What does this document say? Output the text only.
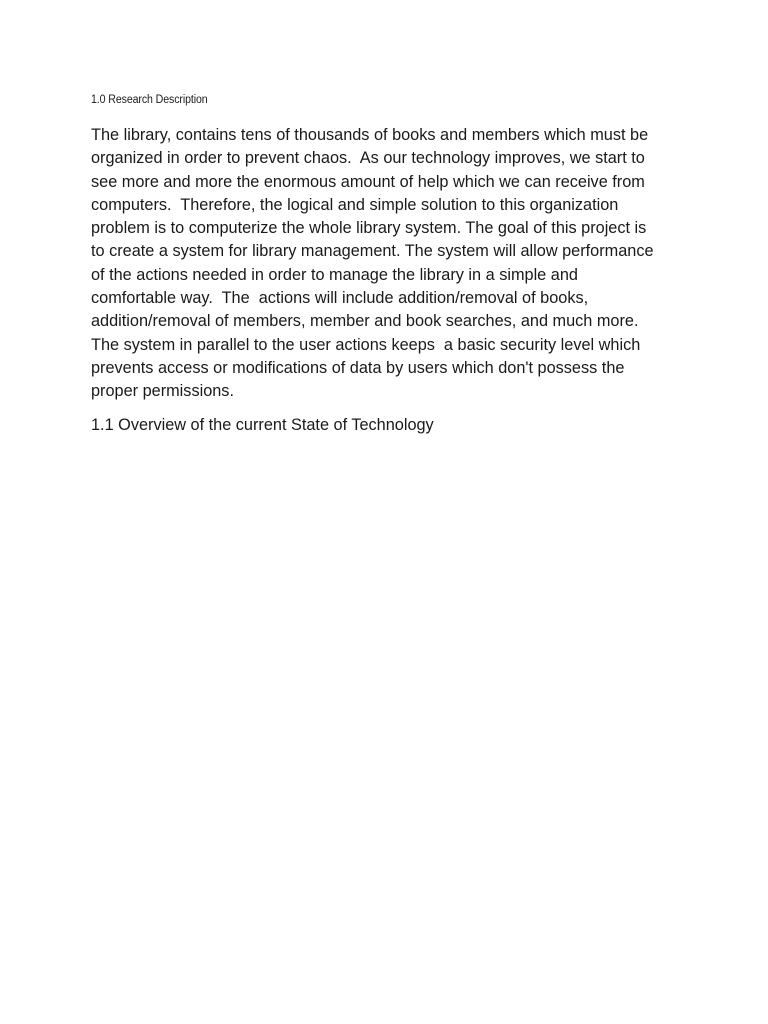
1.0 Research Description

The library, contains tens of thousands of books and members which must be
organized in order to prevent chaos.  As our technology improves, we start to
see more and more the enormous amount of help which we can receive from
computers.  Therefore, the logical and simple solution to this organization
problem is to computerize the whole library system. The goal of this project is
to create a system for library management. The system will allow performance
of the actions needed in order to manage the library in a simple and
comfortable way.  The  actions will include addition/removal of books,
addition/removal of members, member and book searches, and much more.
The system in parallel to the user actions keeps  a basic security level which
prevents access or modifications of data by users which don't possess the
proper permissions.

1.1 Overview of the current State of Technology
